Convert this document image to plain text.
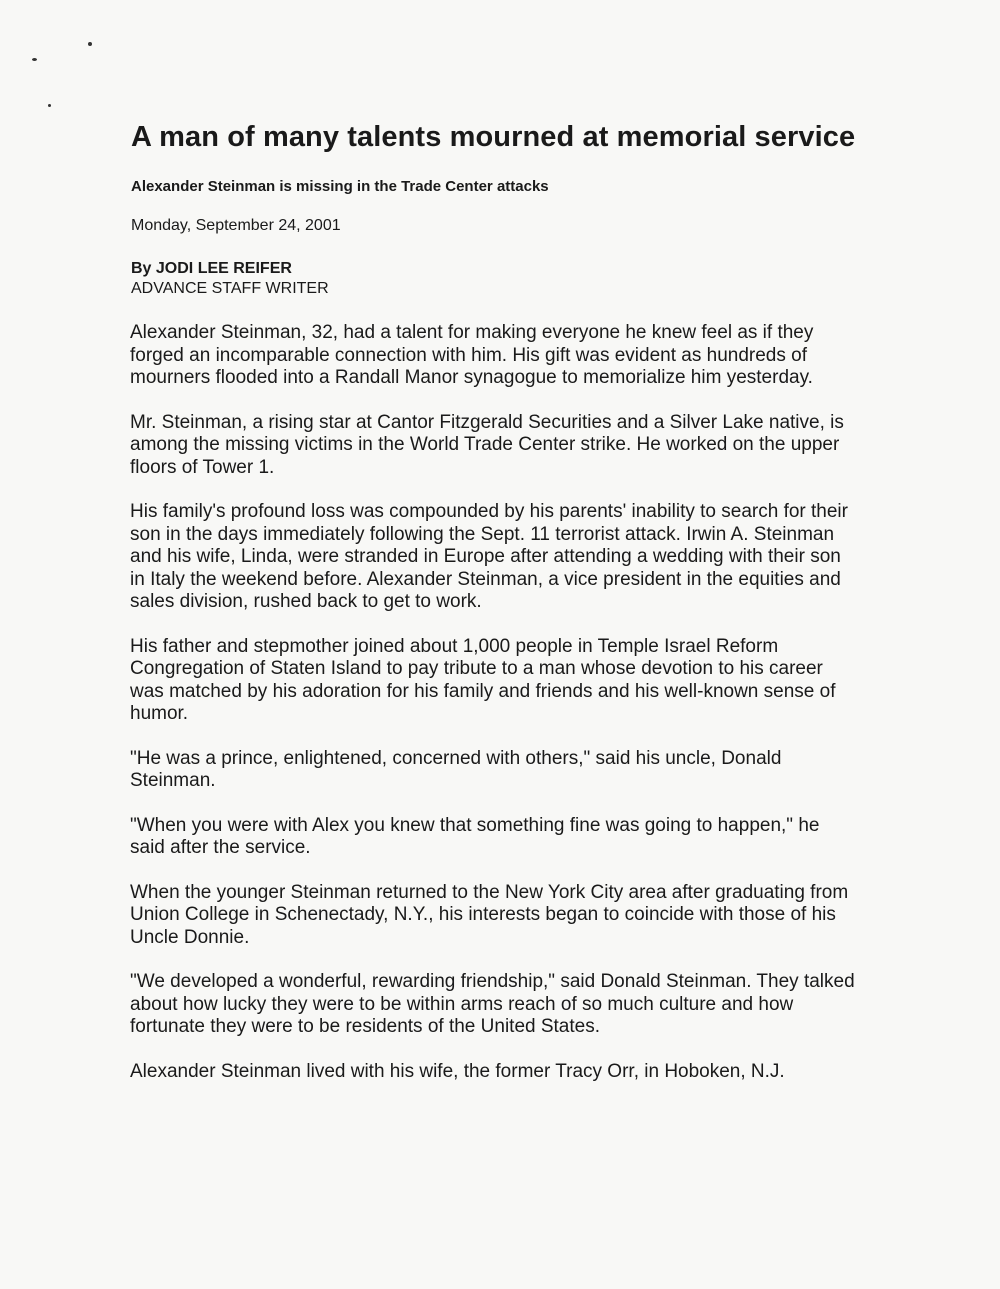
A man of many talents mourned at memorial service
Alexander Steinman is missing in the Trade Center attacks
Monday, September 24, 2001
By JODI LEE REIFER
ADVANCE STAFF WRITER

Alexander Steinman, 32, had a talent for making everyone he knew feel as if they forged an incomparable connection with him. His gift was evident as hundreds of mourners flooded into a Randall Manor synagogue to memorialize him yesterday.

Mr. Steinman, a rising star at Cantor Fitzgerald Securities and a Silver Lake native, is among the missing victims in the World Trade Center strike. He worked on the upper floors of Tower 1.

His family's profound loss was compounded by his parents' inability to search for their son in the days immediately following the Sept. 11 terrorist attack. Irwin A. Steinman and his wife, Linda, were stranded in Europe after attending a wedding with their son in Italy the weekend before. Alexander Steinman, a vice president in the equities and sales division, rushed back to get to work.

His father and stepmother joined about 1,000 people in Temple Israel Reform Congregation of Staten Island to pay tribute to a man whose devotion to his career was matched by his adoration for his family and friends and his well-known sense of humor.

"He was a prince, enlightened, concerned with others," said his uncle, Donald Steinman.

"When you were with Alex you knew that something fine was going to happen," he said after the service.

When the younger Steinman returned to the New York City area after graduating from Union College in Schenectady, N.Y., his interests began to coincide with those of his Uncle Donnie.

"We developed a wonderful, rewarding friendship," said Donald Steinman. They talked about how lucky they were to be within arms reach of so much culture and how fortunate they were to be residents of the United States.

Alexander Steinman lived with his wife, the former Tracy Orr, in Hoboken, N.J.
